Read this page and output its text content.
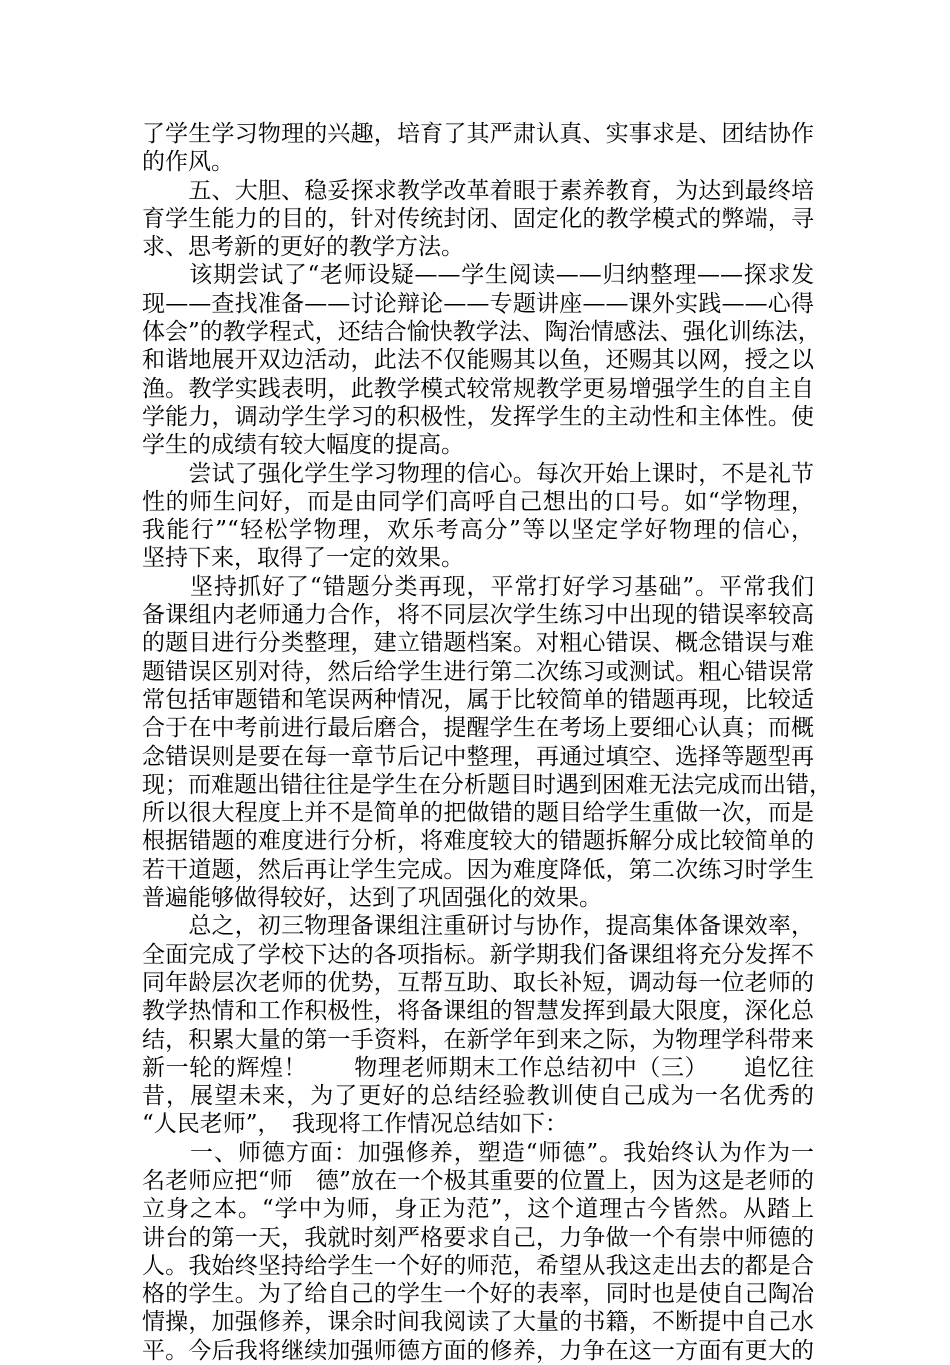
了学生学习物理的兴趣，培育了其严肃认真、实事求是、团结协作
的作风。
　　五、大胆、稳妥探求教学改革着眼于素养教育，为达到最终培
育学生能力的目的，针对传统封闭、固定化的教学模式的弊端，寻
求、思考新的更好的教学方法。
　　该期尝试了“老师设疑——学生阅读——归纳整理——探求发
现——查找准备——讨论辩论——专题讲座——课外实践——心得
体会”的教学程式，还结合愉快教学法、陶治情感法、强化训练法，
和谐地展开双边活动，此法不仅能赐其以鱼，还赐其以网，授之以
渔。教学实践表明，此教学模式较常规教学更易增强学生的自主自
学能力，调动学生学习的积极性，发挥学生的主动性和主体性。使
学生的成绩有较大幅度的提高。
　　尝试了强化学生学习物理的信心。每次开始上课时，不是礼节
性的师生问好，而是由同学们高呼自己想出的口号。如“学物理，
我能行”“轻松学物理，欢乐考高分”等以坚定学好物理的信心，
坚持下来，取得了一定的效果。
　　坚持抓好了“错题分类再现，平常打好学习基础”。平常我们
备课组内老师通力合作，将不同层次学生练习中出现的错误率较高
的题目进行分类整理，建立错题档案。对粗心错误、概念错误与难
题错误区别对待，然后给学生进行第二次练习或测试。粗心错误常
常包括审题错和笔误两种情况，属于比较简单的错题再现，比较适
合于在中考前进行最后磨合，提醒学生在考场上要细心认真；而概
念错误则是要在每一章节后记中整理，再通过填空、选择等题型再
现；而难题出错往往是学生在分析题目时遇到困难无法完成而出错，
所以很大程度上并不是简单的把做错的题目给学生重做一次，而是
根据错题的难度进行分析，将难度较大的错题拆解分成比较简单的
若干道题，然后再让学生完成。因为难度降低，第二次练习时学生
普遍能够做得较好，达到了巩固强化的效果。
　　总之，初三物理备课组注重研讨与协作，提高集体备课效率，
全面完成了学校下达的各项指标。新学期我们备课组将充分发挥不
同年龄层次老师的优势，互帮互助、取长补短，调动每一位老师的
教学热情和工作积极性，将备课组的智慧发挥到最大限度，深化总
结，积累大量的第一手资料，在新学年到来之际，为物理学科带来
新一轮的辉煌！　　物理老师期末工作总结初中（三）　　追忆往
昔，展望未来，为了更好的总结经验教训使自己成为一名优秀的
“人民老师”，　我现将工作情况总结如下：
　　一、师德方面：加强修养，塑造“师德”。我始终认为作为一
名老师应把“师　德”放在一个极其重要的位置上，因为这是老师的
立身之本。“学中为师，身正为范”，这个道理古今皆然。从踏上
讲台的第一天，我就时刻严格要求自己，力争做一个有崇中师德的
人。我始终坚持给学生一个好的师范，希望从我这走出去的都是合
格的学生。为了给自己的学生一个好的表率，同时也是使自己陶冶
情操，加强修养，课余时间我阅读了大量的书籍，不断提中自己水
平。今后我将继续加强师德方面的修养，力争在这一方面有更大的
